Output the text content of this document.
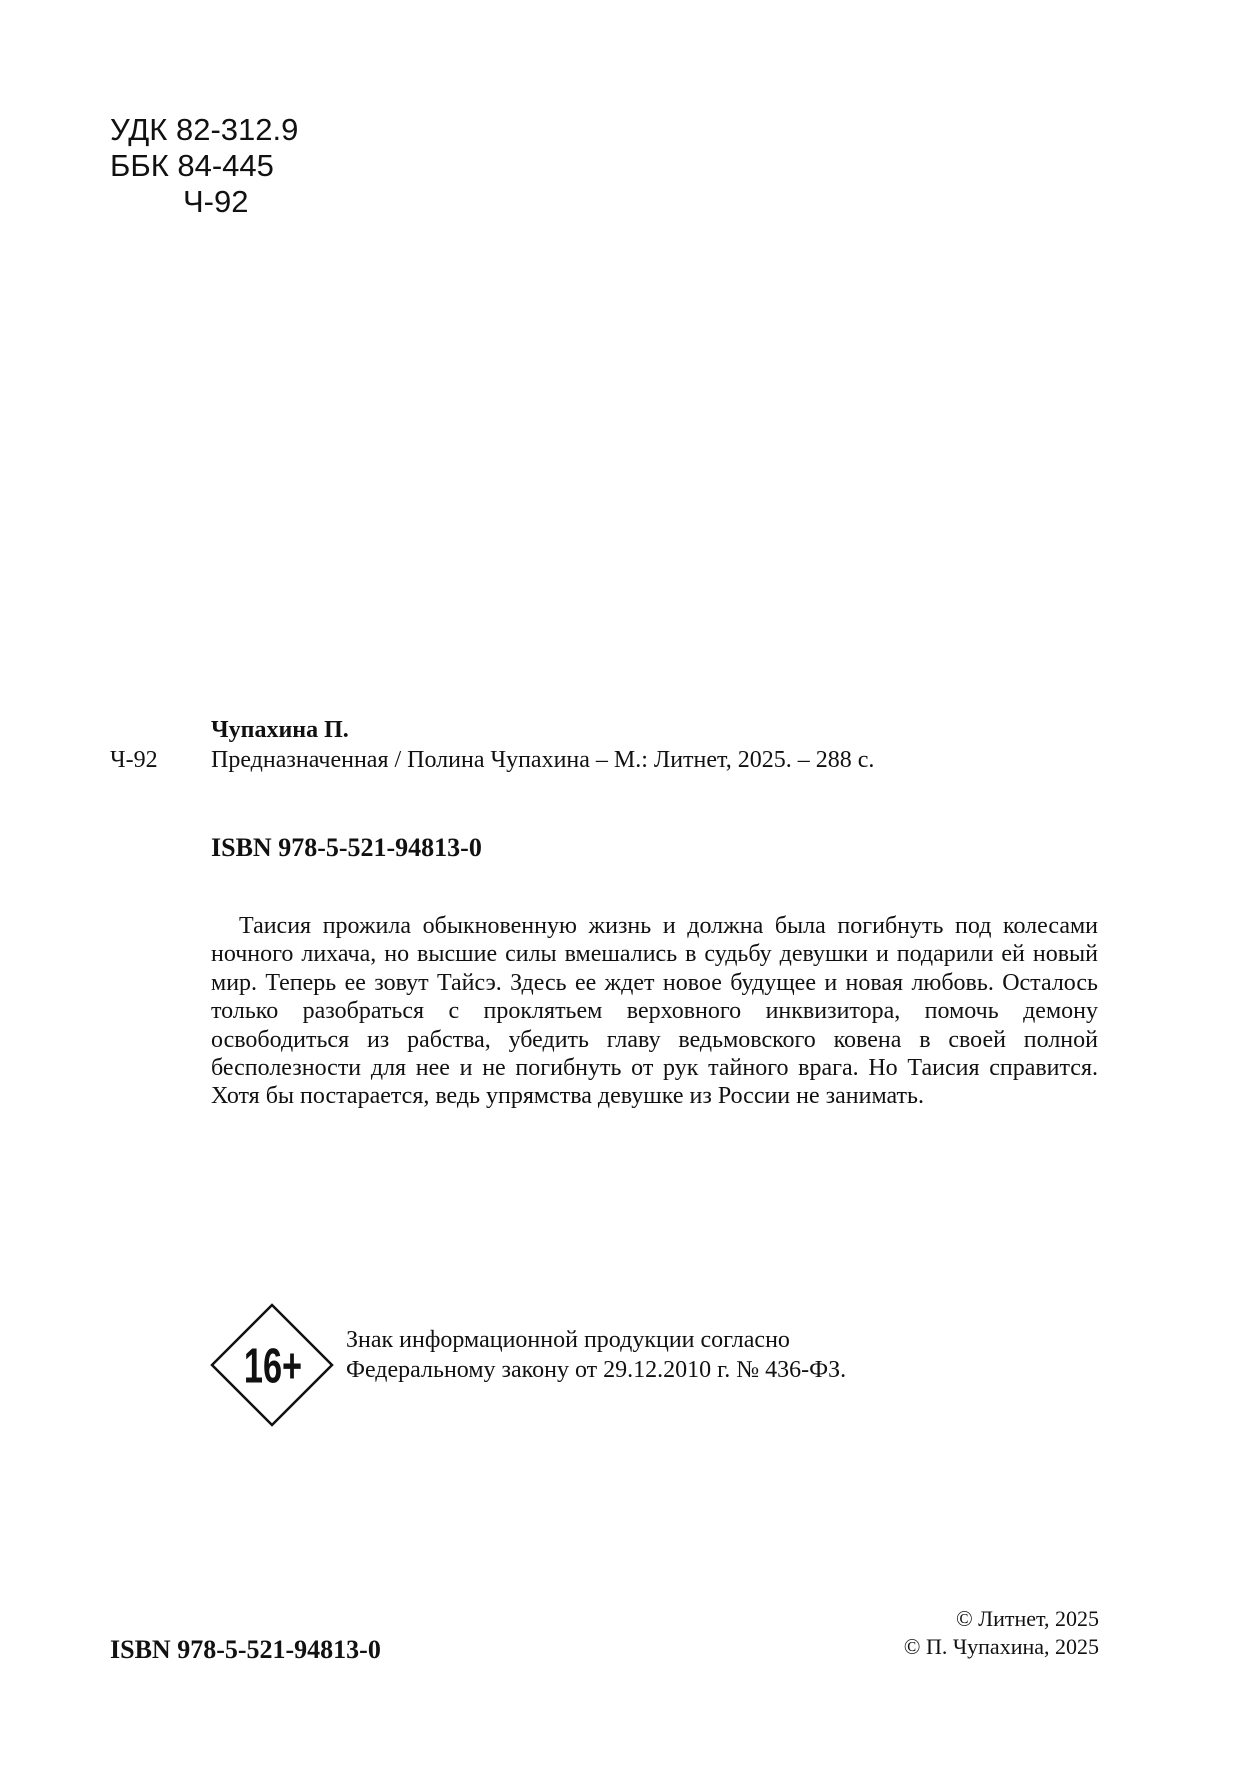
УДК 82-312.9
ББК 84-445
Ч-92
Ч-92
Чупахина П.
Предназначенная / Полина Чупахина – М.: Литнет, 2025. – 288 с.
ISBN 978-5-521-94813-0
Таисия прожила обыкновенную жизнь и должна была погибнуть под колесами ночного лихача, но высшие силы вмешались в судьбу девушки и подарили ей новый мир. Теперь ее зовут Тайсэ. Здесь ее ждет новое будущее и новая любовь. Осталось только разобраться с проклятьем верховного инквизитора, помочь демону освободиться из рабства, убедить главу ведьмовского ковена в своей полной бесполезности для нее и не погибнуть от рук тайного врага. Но Таисия справится. Хотя бы постарается, ведь упрямства девушке из России не занимать.
16+ Знак информационной продукции согласно
Федеральному закону от 29.12.2010 г. № 436-ФЗ.
ISBN 978-5-521-94813-0
© Литнет, 2025
© П. Чупахина, 2025
